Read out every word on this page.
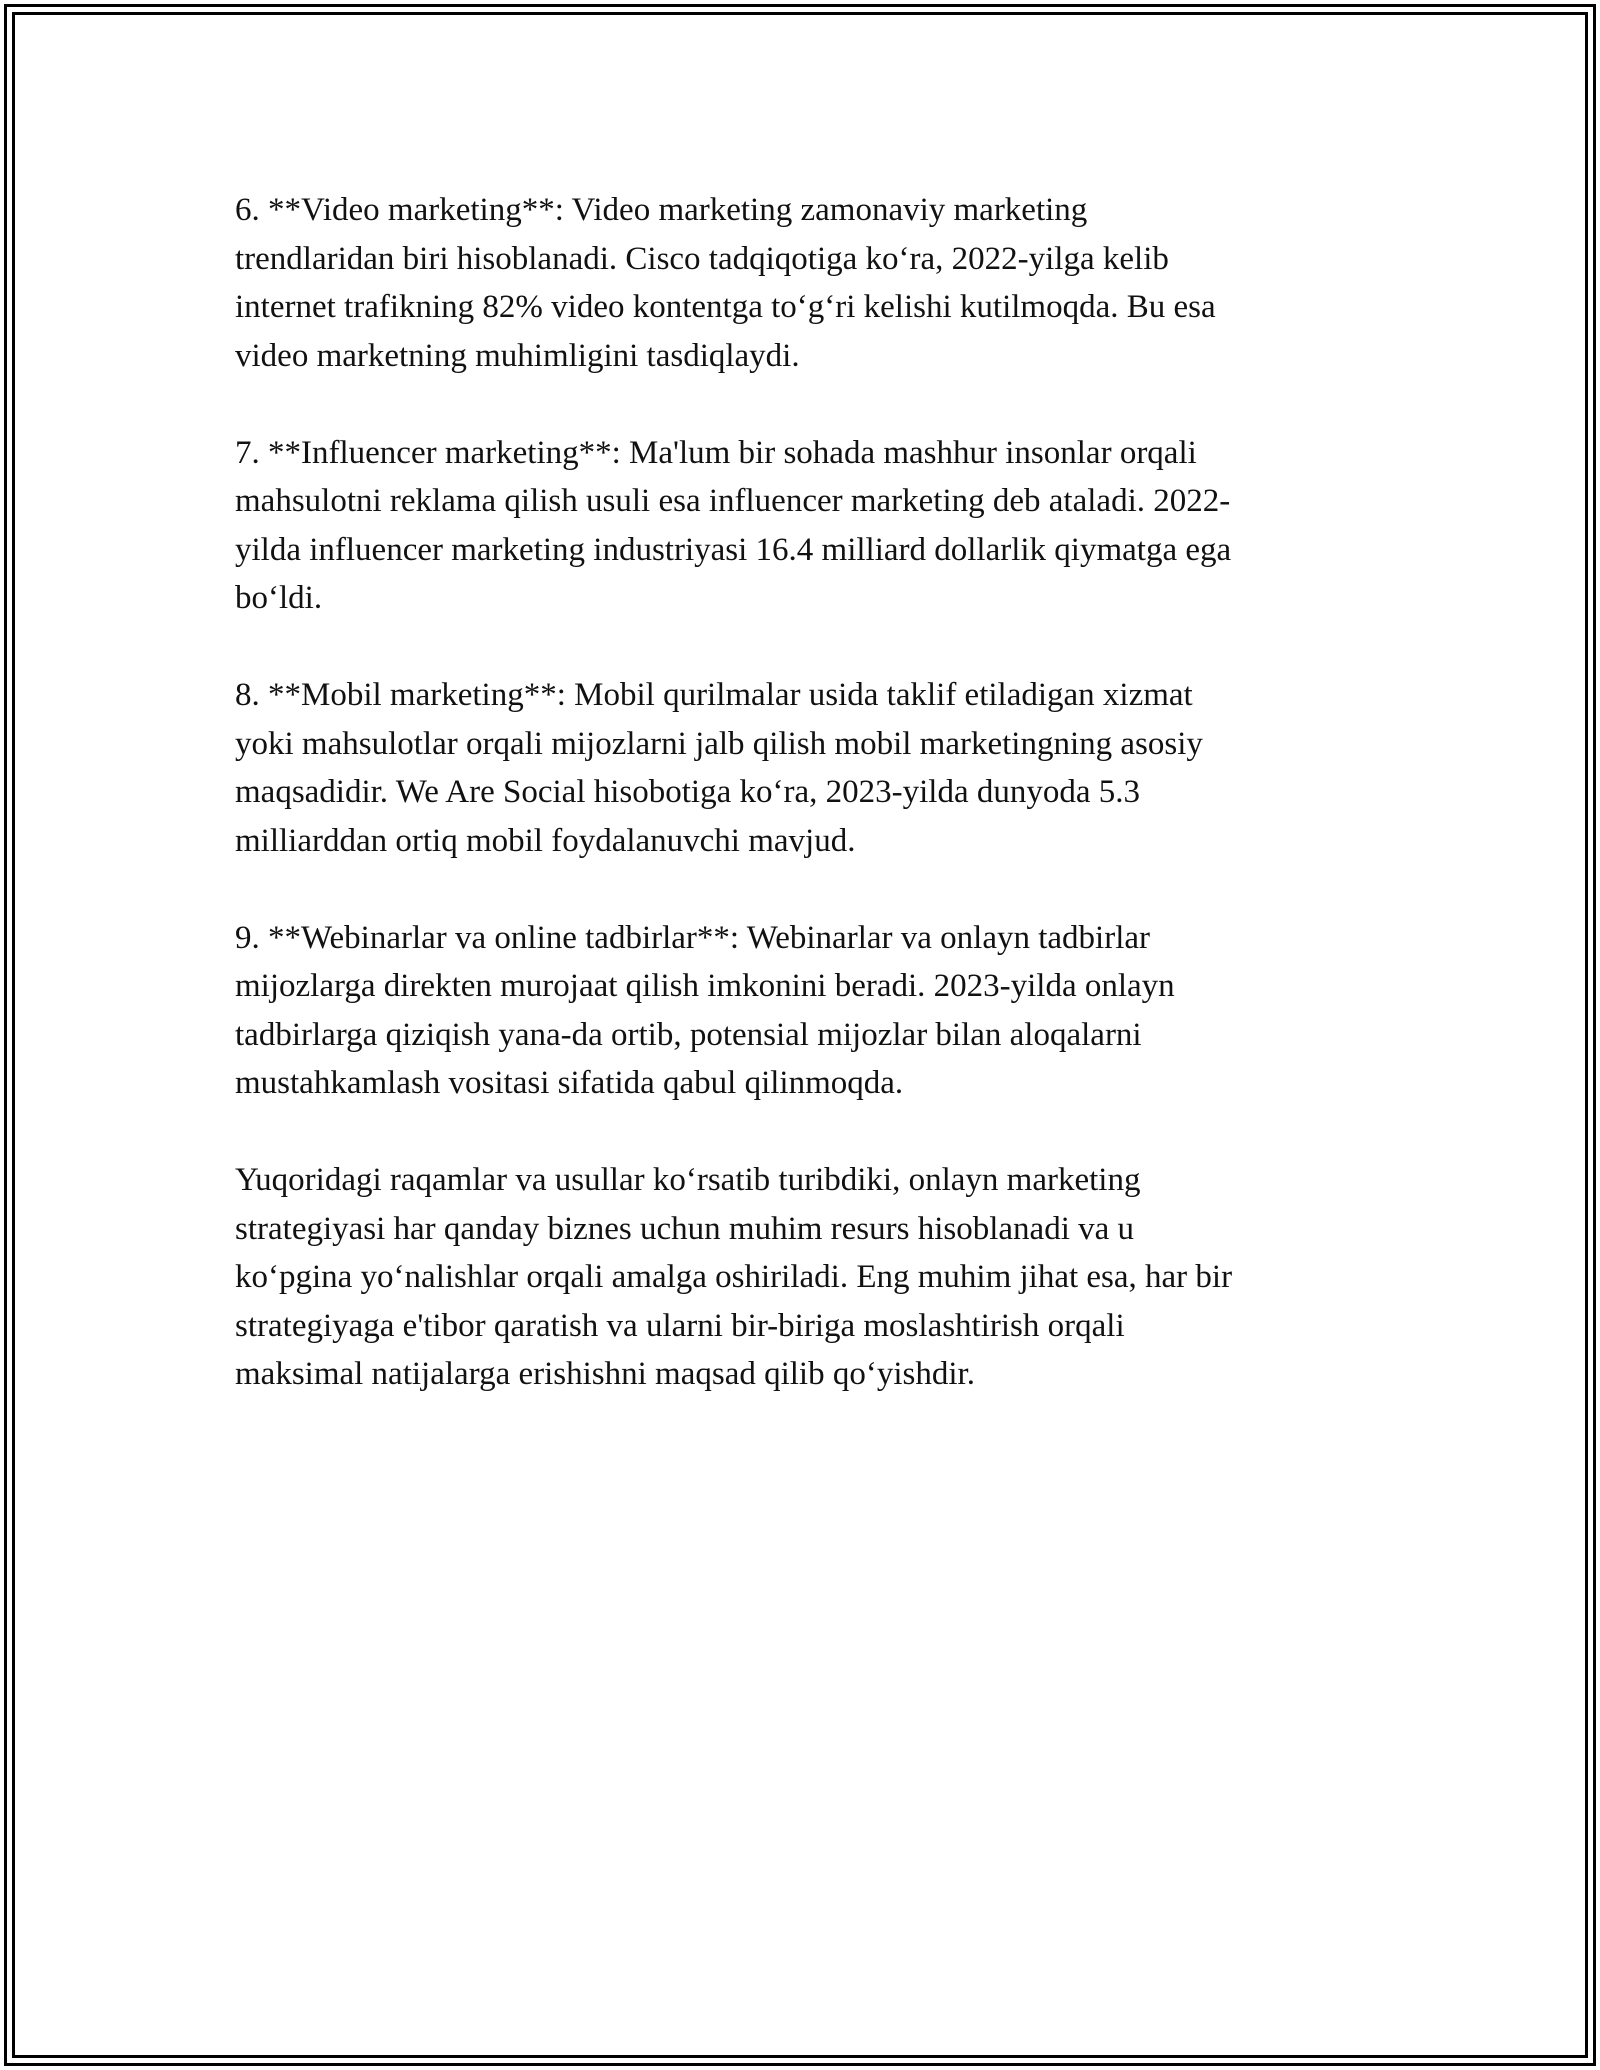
6. **Video marketing**: Video marketing zamonaviy marketing
trendlaridan biri hisoblanadi. Cisco tadqiqotiga ko‘ra, 2022-yilga kelib
internet trafikning 82% video kontentga to‘g‘ri kelishi kutilmoqda. Bu esa
video marketning muhimligini tasdiqlaydi.

7. **Influencer marketing**: Ma'lum bir sohada mashhur insonlar orqali
mahsulotni reklama qilish usuli esa influencer marketing deb ataladi. 2022-
yilda influencer marketing industriyasi 16.4 milliard dollarlik qiymatga ega
bo‘ldi.

8. **Mobil marketing**: Mobil qurilmalar usida taklif etiladigan xizmat
yoki mahsulotlar orqali mijozlarni jalb qilish mobil marketingning asosiy
maqsadidir. We Are Social hisobotiga ko‘ra, 2023-yilda dunyoda 5.3
milliarddan ortiq mobil foydalanuvchi mavjud.

9. **Webinarlar va online tadbirlar**: Webinarlar va onlayn tadbirlar
mijozlarga direkten murojaat qilish imkonini beradi. 2023-yilda onlayn
tadbirlarga qiziqish yana-da ortib, potensial mijozlar bilan aloqalarni
mustahkamlash vositasi sifatida qabul qilinmoqda.

Yuqoridagi raqamlar va usullar ko‘rsatib turibdiki, onlayn marketing
strategiyasi har qanday biznes uchun muhim resurs hisoblanadi va u
ko‘pgina yo‘nalishlar orqali amalga oshiriladi. Eng muhim jihat esa, har bir
strategiyaga e'tibor qaratish va ularni bir-biriga moslashtirish orqali
maksimal natijalarga erishishni maqsad qilib qo‘yishdir.
